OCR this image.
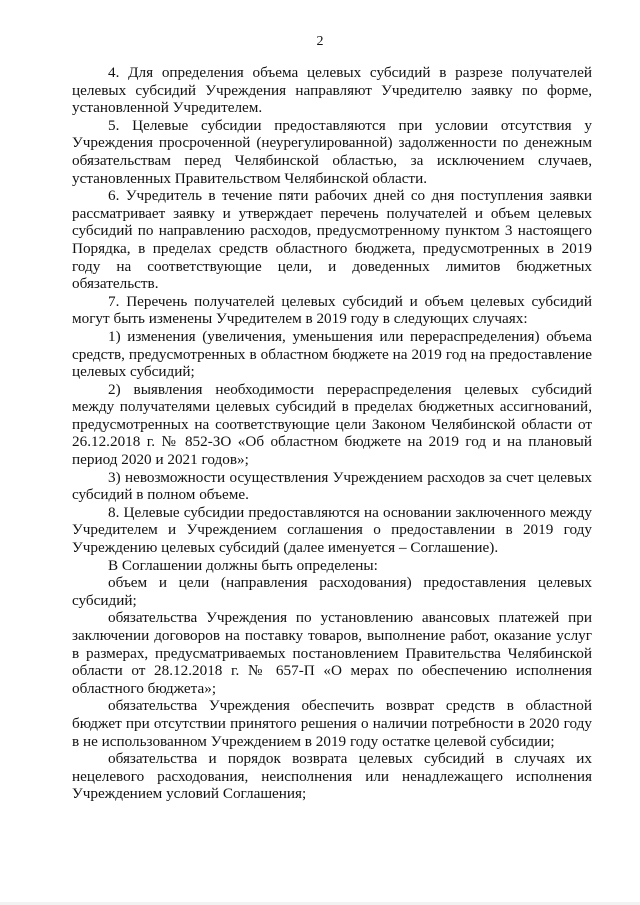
2

4. Для определения объема целевых субсидий в разрезе получателей целевых субсидий Учреждения направляют Учредителю заявку по форме, установленной Учредителем.

5. Целевые субсидии предоставляются при условии отсутствия у Учреждения просроченной (неурегулированной) задолженности по денежным обязательствам перед Челябинской областью, за исключением случаев, установленных Правительством Челябинской области.

6. Учредитель в течение пяти рабочих дней со дня поступления заявки рассматривает заявку и утверждает перечень получателей и объем целевых субсидий по направлению расходов, предусмотренному пунктом 3 настоящего Порядка, в пределах средств областного бюджета, предусмотренных в 2019 году на соответствующие цели, и доведенных лимитов бюджетных обязательств.

7. Перечень получателей целевых субсидий и объем целевых субсидий могут быть изменены Учредителем в 2019 году в следующих случаях:

1) изменения (увеличения, уменьшения или перераспределения) объема средств, предусмотренных в областном бюджете на 2019 год на предоставление целевых субсидий;

2) выявления необходимости перераспределения целевых субсидий между получателями целевых субсидий в пределах бюджетных ассигнований, предусмотренных на соответствующие цели Законом Челябинской области от 26.12.2018 г. № 852-ЗО «Об областном бюджете на 2019 год и на плановый период 2020 и 2021 годов»;

3) невозможности осуществления Учреждением расходов за счет целевых субсидий в полном объеме.

8. Целевые субсидии предоставляются на основании заключенного между Учредителем и Учреждением соглашения о предоставлении в 2019 году Учреждению целевых субсидий (далее именуется – Соглашение).

В Соглашении должны быть определены:

объем и цели (направления расходования) предоставления целевых субсидий;

обязательства Учреждения по установлению авансовых платежей при заключении договоров на поставку товаров, выполнение работ, оказание услуг в размерах, предусматриваемых постановлением Правительства Челябинской области от 28.12.2018 г. № 657-П «О мерах по обеспечению исполнения областного бюджета»;

обязательства Учреждения обеспечить возврат средств в областной бюджет при отсутствии принятого решения о наличии потребности в 2020 году в не использованном Учреждением в 2019 году остатке целевой субсидии;

обязательства и порядок возврата целевых субсидий в случаях их нецелевого расходования, неисполнения или ненадлежащего исполнения Учреждением условий Соглашения;
